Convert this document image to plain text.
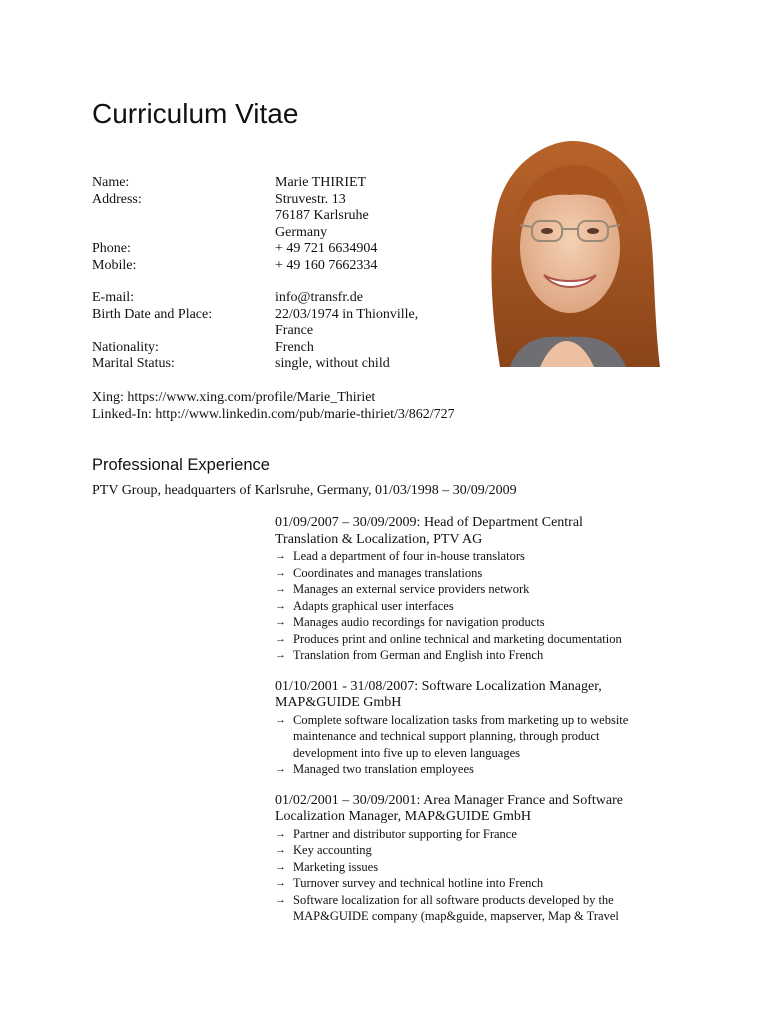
Curriculum Vitae
Name:
Address:

Phone:
Mobile:
E-mail:
Birth Date and Place:

Nationality:
Marital Status:
Marie THIRIET
Struvestr. 13
76187 Karlsruhe
Germany
+ 49 721 6634904
+ 49 160 7662334
info@transfr.de
22/03/1974 in Thionville,
France
French
single, without child
Xing: https://www.xing.com/profile/Marie_Thiriet
Linked-In: http://www.linkedin.com/pub/marie-thiriet/3/862/727
Professional Experience
PTV Group, headquarters of Karlsruhe, Germany, 01/03/1998 – 30/09/2009
01/09/2007 – 30/09/2009: Head of Department Central
Translation & Localization, PTV AG
→ Lead a department of four in-house translators
→ Coordinates and manages translations
→ Manages an external service providers network
→ Adapts graphical user interfaces
→ Manages audio recordings for navigation products
→ Produces print and online technical and marketing documentation
→ Translation from German and English into French
01/10/2001 - 31/08/2007: Software Localization Manager,
MAP&GUIDE GmbH
→ Complete software localization tasks from marketing up to website
maintenance and technical support planning, through product
development into five up to eleven languages
→ Managed two translation employees
01/02/2001 – 30/09/2001: Area Manager France and Software
Localization Manager, MAP&GUIDE GmbH
→ Partner and distributor supporting for France
→ Key accounting
→ Marketing issues
→ Turnover survey and technical hotline into French
→ Software localization for all software products developed by the
MAP&GUIDE company (map&guide, mapserver, Map & Travel
